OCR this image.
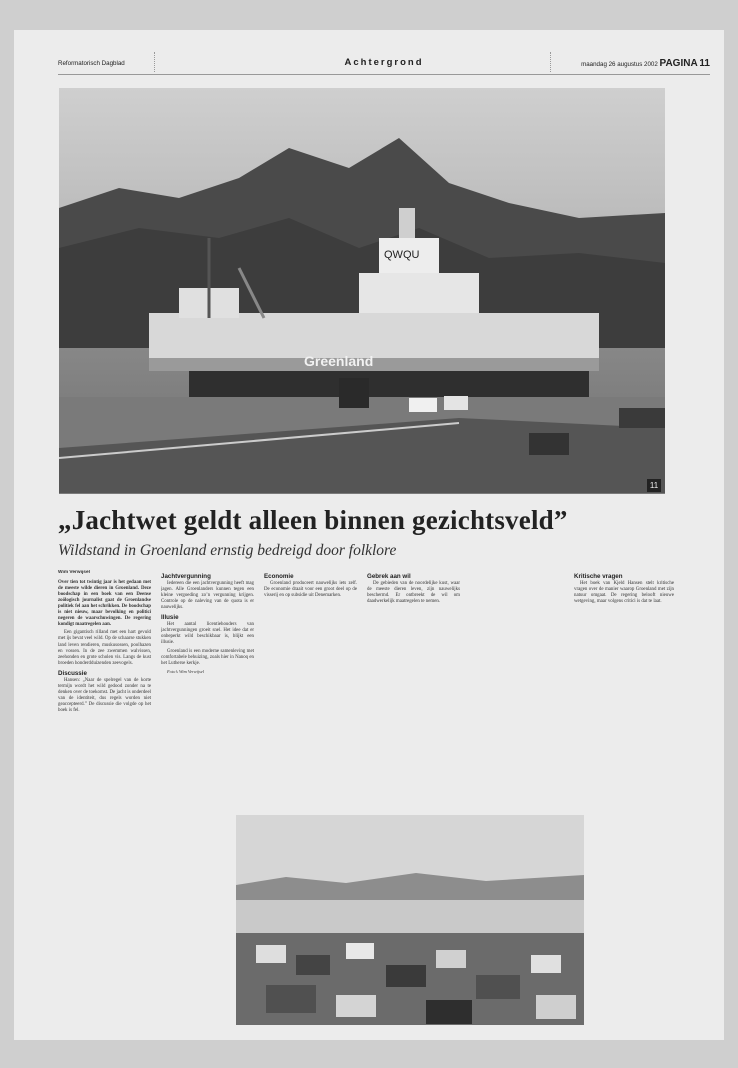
Reformatorisch Dagblad	Achtergrond	maandag 26 augustus 2002 PAGINA 11
QWQU
Greenland
11
„Jachtwet geldt alleen binnen gezichtsveld”
Wildstand in Groenland ernstig bedreigd door folklore
Wim Verwijsel

Over tien tot twintig jaar is het gedaan met de meeste wilde dieren in Groenland. Deze boodschap in een boek van een Deense zoölogisch journalist gaat de Groenlandse politiek fel aan het schrikken. De boodschap is niet nieuw, maar bevolking en politici negeren de waarschuwingen. De regering kondigt maatregelen aan.

Een gigantisch rilland met een hart gevuld met ijs bevat veel wild. Op de schaarse stukken land leven rendieren, muskusossen, poolhazen en vossen. In de zee zwemmen walvissen, zeehonden en grote scholen vis. Langs de kust broeden honderdduizenden zeevogels.

Discussie

Hansen: „Naar de spelregel van de korte termijn wordt het wild gedood zonder na te denken over de toekomst. De jacht is onderdeel van de identiteit, dus regels worden niet geaccepteerd.” De discussie die volgde op het boek is fel.

Jachtvergunning

Iedereen die een jachtvergunning heeft mag jagen. Alle Groenlanders kunnen tegen een kleine vergoeding zo’n vergunning krijgen. Controle op de naleving van de quota is er nauwelijks.

Illusie

Het aantal licentiehouders van jachtvergunningen groeit snel. Het idee dat er onbeperkt wild beschikbaar is, blijkt een illusie.

Groenland is een moderne samenleving met comfortabele behuizing, zoals hier in Nanoq en het Lutherse kerkje.

Foto’s Wim Verwijsel

Economie

Groenland produceert nauwelijks iets zelf. De economie draait voor een groot deel op de visserij en op subsidie uit Denemarken.

Gebrek aan wil

De gebieden van de noordelijke kust, waar de meeste dieren leven, zijn nauwelijks beschermd. Er ontbreekt de wil om daadwerkelijk maatregelen te nemen.

Kritische vragen

Het boek van Kjeld Hansen stelt kritische vragen over de manier waarop Groenland met zijn natuur omgaat. De regering belooft nieuwe wetgeving, maar volgens critici is dat te laat.
